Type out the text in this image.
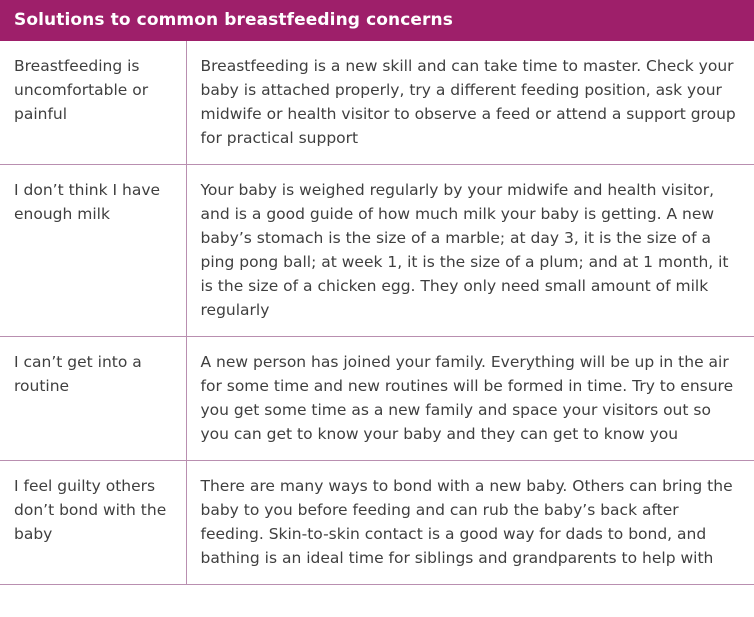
Solutions to common breastfeeding concerns
Breastfeeding is uncomfortable or painful	Breastfeeding is a new skill and can take time to master. Check your baby is attached properly, try a different feeding position, ask your midwife or health visitor to observe a feed or attend a support group for practical support
I don’t think I have enough milk	Your baby is weighed regularly by your midwife and health visitor, and is a good guide of how much milk your baby is getting. A new baby’s stomach is the size of a marble; at day 3, it is the size of a ping pong ball; at week 1, it is the size of a plum; and at 1 month, it is the size of a chicken egg. They only need small amount of milk regularly
I can’t get into a routine	A new person has joined your family. Everything will be up in the air for some time and new routines will be formed in time. Try to ensure you get some time as a new family and space your visitors out so you can get to know your baby and they can get to know you
I feel guilty others don’t bond with the baby	There are many ways to bond with a new baby. Others can bring the baby to you before feeding and can rub the baby’s back after feeding. Skin-to-skin contact is a good way for dads to bond, and bathing is an ideal time for siblings and grandparents to help with
